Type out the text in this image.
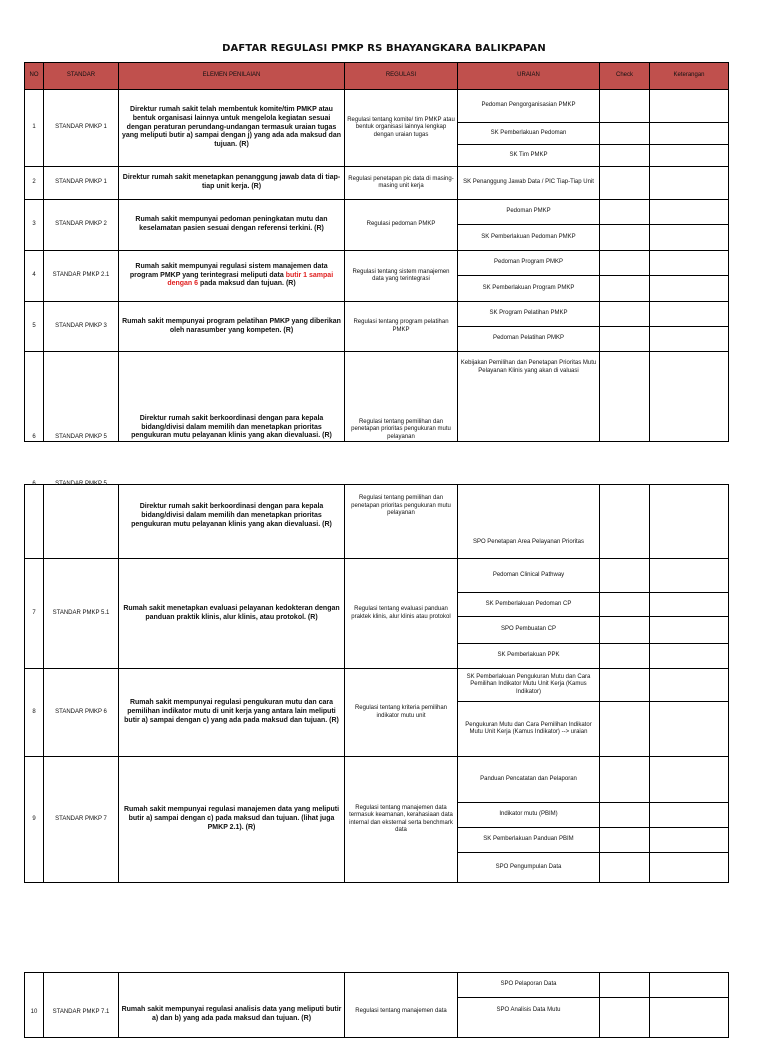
DAFTAR REGULASI PMKP RS BHAYANGKARA BALIKPAPAN
NO	STANDAR	ELEMEN PENILAIAN	REGULASI	URAIAN	Check	Keterangan
1	STANDAR PMKP 1	Direktur rumah sakit telah membentuk komite/tim PMKP atau bentuk organisasi lainnya untuk mengelola kegiatan sesuai dengan peraturan perundang-undangan termasuk uraian tugas yang meliputi butir a) sampai dengan j) yang ada ada maksud dan tujuan. (R)	Regulasi tentang komite/ tim PMKP atau bentuk organisasi lainnya lengkap dengan uraian tugas	Pedoman Pengorganisasian PMKP		
				SK Pemberlakuan Pedoman		
				SK Tim PMKP		
2	STANDAR PMKP 1	Direktur rumah sakit menetapkan penanggung jawab data di tiap-tiap unit kerja. (R)	Regulasi penetapan pic data di masing-masing unit kerja	SK Penanggung Jawab Data / PIC Tiap-Tiap Unit		
3	STANDAR PMKP 2	Rumah sakit mempunyai pedoman peningkatan mutu dan keselamatan pasien sesuai dengan referensi terkini. (R)	Regulasi pedoman PMKP	Pedoman PMKP		
				SK Pemberlakuan Pedoman PMKP		
4	STANDAR PMKP 2.1	Rumah sakit mempunyai regulasi sistem manajemen data program PMKP yang terintegrasi meliputi data butir 1 sampai dengan 6 pada maksud dan tujuan. (R)	Regulasi tentang sistem manajemen data yang terintegrasi	Pedoman Program PMKP		
				SK Pemberlakuan Program PMKP		
5	STANDAR PMKP 3	Rumah sakit mempunyai program pelatihan PMKP yang diberikan oleh narasumber yang kompeten. (R)	Regulasi tentang program pelatihan PMKP	SK Program Pelatihan PMKP		
				Pedoman Pelatihan PMKP		
6	STANDAR PMKP 5	Direktur rumah sakit berkoordinasi dengan para kepala bidang/divisi dalam memilih dan menetapkan prioritas pengukuran mutu pelayanan klinis yang akan dievaluasi. (R)	Regulasi tentang pemilihan dan penetapan prioritas pengukuran mutu pelayanan	Kebijakan Pemilihan dan Penetapan Prioritas Mutu Pelayanan Klinis yang akan di valuasi		
6	STANDAR PMKP 5	Direktur rumah sakit berkoordinasi dengan para kepala bidang/divisi dalam memilih dan menetapkan prioritas pengukuran mutu pelayanan klinis yang akan dievaluasi. (R)	Regulasi tentang pemilihan dan penetapan prioritas pengukuran mutu pelayanan	SPO Penetapan Area Pelayanan Prioritas		
7	STANDAR PMKP 5.1	Rumah sakit menetapkan evaluasi pelayanan kedokteran dengan panduan praktik klinis, alur klinis, atau protokol. (R)	Regulasi tentang evaluasi panduan praktek klinis, alur klinis atau protokol	Pedoman Clinical Pathway		
				SK Pemberlakuan Pedoman CP		
				SPO Pembuatan CP		
				SK Pemberlakuan PPK		
8	STANDAR PMKP 6	Rumah sakit mempunyai regulasi pengukuran mutu dan cara pemilihan indikator mutu di unit kerja yang antara lain meliputi butir a) sampai dengan c) yang ada pada maksud dan tujuan. (R)	Regulasi tentang kriteria pemilihan indikator mutu unit	SK Pemberlakuan Pengukuran Mutu dan Cara Pemilihan Indikator Mutu Unit Kerja (Kamus Indikator)		
				Pengukuran Mutu dan Cara Pemilihan Indikator Mutu Unit Kerja (Kamus Indikator) --> uraian		
9	STANDAR PMKP 7	Rumah sakit mempunyai regulasi manajemen data yang meliputi butir a) sampai dengan c) pada maksud dan tujuan. (lihat juga PMKP 2.1). (R)	Regulasi tentang manajemen data termasuk keamanan, kerahasiaan data internal dan eksternal serta benchmark data	Panduan Pencatatan dan Pelaporan		
				Indikator mutu (PBIM)		
				SK Pemberlakuan Panduan PBIM		
				SPO Pengumpulan Data		
10	STANDAR PMKP 7.1	Rumah sakit mempunyai regulasi analisis data yang meliputi butir a) dan b) yang ada pada maksud dan tujuan. (R)	Regulasi tentang manajemen data	SPO Pelaporan Data		
				SPO Analisis Data Mutu		
